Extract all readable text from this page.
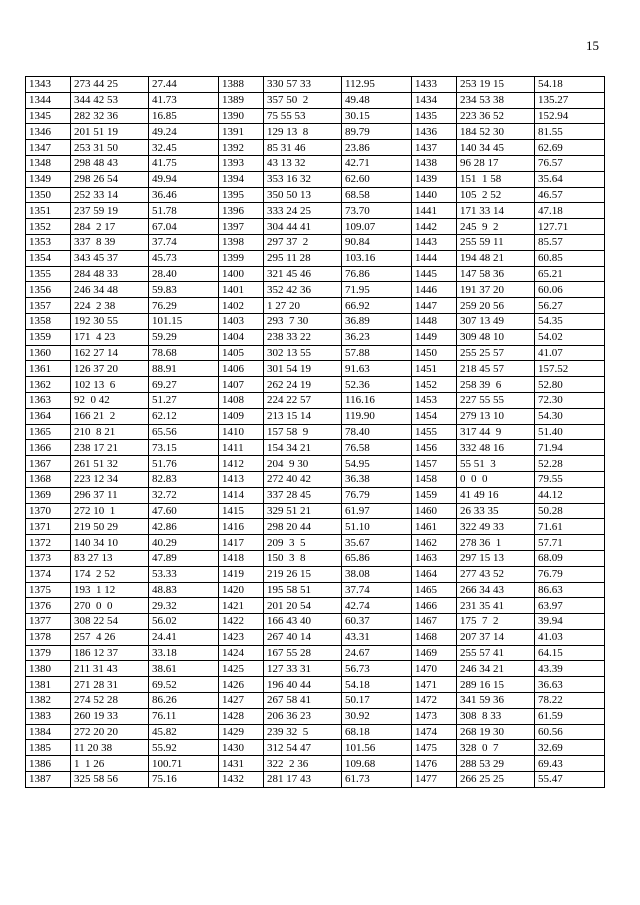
15
1343	273 44 25	27.44	1388	330 57 33	112.95	1433	253 19 15	54.18
1344	344 42 53	41.73	1389	357 50  2	49.48	1434	234 53 38	135.27
1345	282 32 36	16.85	1390	75 55 53	30.15	1435	223 36 52	152.94
1346	201 51 19	49.24	1391	129 13  8	89.79	1436	184 52 30	81.55
1347	253 31 50	32.45	1392	85 31 46	23.86	1437	140 34 45	62.69
1348	298 48 43	41.75	1393	43 13 32	42.71	1438	96 28 17	76.57
1349	298 26 54	49.94	1394	353 16 32	62.60	1439	151  1 58	35.64
1350	252 33 14	36.46	1395	350 50 13	68.58	1440	105  2 52	46.57
1351	237 59 19	51.78	1396	333 24 25	73.70	1441	171 33 14	47.18
1352	284  2 17	67.04	1397	304 44 41	109.07	1442	245  9  2	127.71
1353	337  8 39	37.74	1398	297 37  2	90.84	1443	255 59 11	85.57
1354	343 45 37	45.73	1399	295 11 28	103.16	1444	194 48 21	60.85
1355	284 48 33	28.40	1400	321 45 46	76.86	1445	147 58 36	65.21
1356	246 34 48	59.83	1401	352 42 36	71.95	1446	191 37 20	60.06
1357	224  2 38	76.29	1402	1 27 20	66.92	1447	259 20 56	56.27
1358	192 30 55	101.15	1403	293  7 30	36.89	1448	307 13 49	54.35
1359	171  4 23	59.29	1404	238 33 22	36.23	1449	309 48 10	54.02
1360	162 27 14	78.68	1405	302 13 55	57.88	1450	255 25 57	41.07
1361	126 37 20	88.91	1406	301 54 19	91.63	1451	218 45 57	157.52
1362	102 13  6	69.27	1407	262 24 19	52.36	1452	258 39  6	52.80
1363	92  0 42	51.27	1408	224 22 57	116.16	1453	227 55 55	72.30
1364	166 21  2	62.12	1409	213 15 14	119.90	1454	279 13 10	54.30
1365	210  8 21	65.56	1410	157 58  9	78.40	1455	317 44  9	51.40
1366	238 17 21	73.15	1411	154 34 21	76.58	1456	332 48 16	71.94
1367	261 51 32	51.76	1412	204  9 30	54.95	1457	55 51  3	52.28
1368	223 12 34	82.83	1413	272 40 42	36.38	1458	0  0  0	79.55
1369	296 37 11	32.72	1414	337 28 45	76.79	1459	41 49 16	44.12
1370	272 10  1	47.60	1415	329 51 21	61.97	1460	26 33 35	50.28
1371	219 50 29	42.86	1416	298 20 44	51.10	1461	322 49 33	71.61
1372	140 34 10	40.29	1417	209  3  5	35.67	1462	278 36  1	57.71
1373	83 27 13	47.89	1418	150  3  8	65.86	1463	297 15 13	68.09
1374	174  2 52	53.33	1419	219 26 15	38.08	1464	277 43 52	76.79
1375	193  1 12	48.83	1420	195 58 51	37.74	1465	266 34 43	86.63
1376	270  0  0	29.32	1421	201 20 54	42.74	1466	231 35 41	63.97
1377	308 22 54	56.02	1422	166 43 40	60.37	1467	175  7  2	39.94
1378	257  4 26	24.41	1423	267 40 14	43.31	1468	207 37 14	41.03
1379	186 12 37	33.18	1424	167 55 28	24.67	1469	255 57 41	64.15
1380	211 31 43	38.61	1425	127 33 31	56.73	1470	246 34 21	43.39
1381	271 28 31	69.52	1426	196 40 44	54.18	1471	289 16 15	36.63
1382	274 52 28	86.26	1427	267 58 41	50.17	1472	341 59 36	78.22
1383	260 19 33	76.11	1428	206 36 23	30.92	1473	308  8 33	61.59
1384	272 20 20	45.82	1429	239 32  5	68.18	1474	268 19 30	60.56
1385	11 20 38	55.92	1430	312 54 47	101.56	1475	328  0  7	32.69
1386	1  1 26	100.71	1431	322  2 36	109.68	1476	288 53 29	69.43
1387	325 58 56	75.16	1432	281 17 43	61.73	1477	266 25 25	55.47
